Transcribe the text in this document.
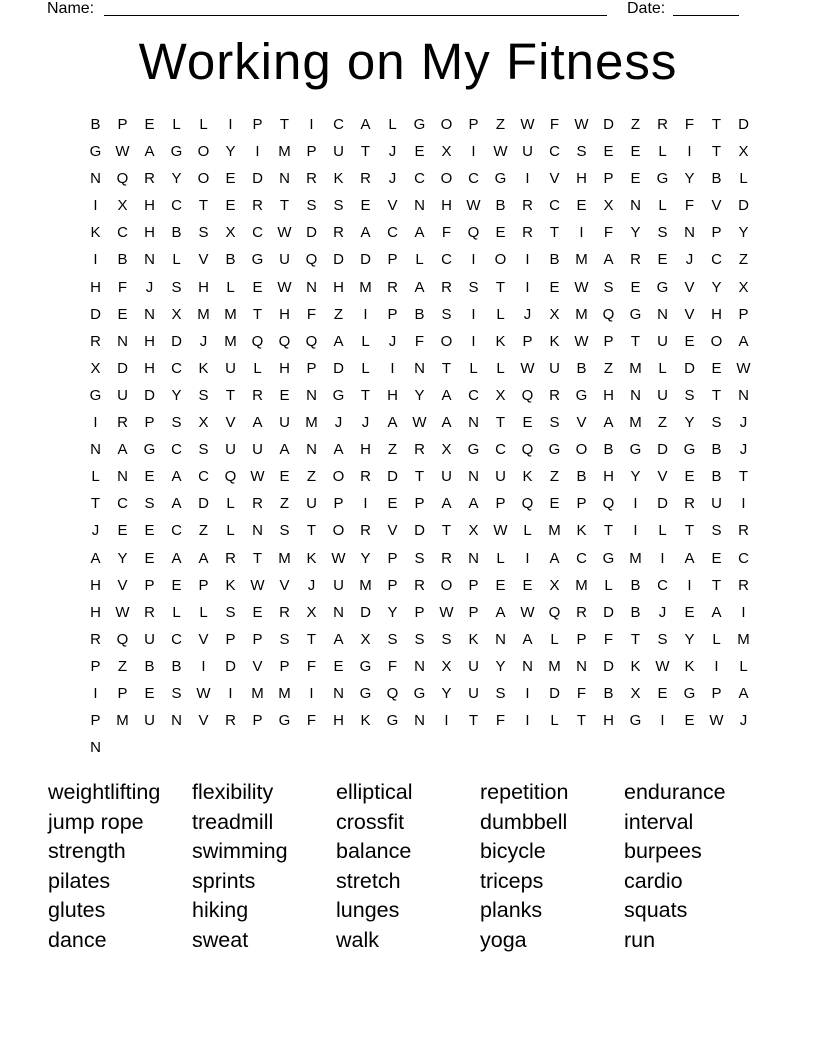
Name:	Date:
Working on My Fitness
B	P	E	L	L	I	P	T	I	C	A	L	G	O	P	Z	W	F	W D	Z	R	F	T	D
G W A	G	O	Y	I	M	P	U	T	J	E	X	I	W U	C	S	E	E	L	I	T	X
N	Q	R	Y	O	E	D	N	R	K	R	J	C	O	C	G	I	V	H	P	E	G	Y	B	L
I	X	H	C	T	E	R	T	S	S	E	V	N	H W B	R	C	E	X	N	L	F	V	D
K	C	H	B	S	X	C W D	R	A	C	A	F	Q	E	R	T	I	F	Y	S	N	P	Y
I	B	N	L	V	B	G	U	Q	D	D	P	L	C	I	O	I	B	M	A	R	E	J	C	Z
H	F	J	S	H	L	E W N	H	M	R	A	R	S	T	I	E W S	E	G	V	Y	X
D	E	N	X	M M	T	H	F	Z	I	P	B	S	I	L	J	X	M Q	G	N	V	H	P
R	N	H	D	J	M Q	Q	Q	A	L	J	F	O	I	K	P	K W P	T	U	E	O	A
X	D	H	C	K	U	L	H	P	D	L	I	N	T	L	L	W U	B	Z	M	L	D	E W
G	U	D	Y	S	T	R	E	N	G	T	H	Y	A	C	X	Q	R	G	H	N	U	S	T	N
I	R	P	S	X	V	A	U	M	J	J	A W A	N	T	E	S	V	A	M	Z	Y	S	J
N	A	G	C	S	U	U	A	N	A	H	Z	R	X	G	C	Q	G	O	B	G	D	G	B	J
L	N	E	A	C	Q W E	Z	O	R	D	T	U	N	U	K	Z	B	H	Y	V	E	B	T
T	C	S	A	D	L	R	Z	U	P	I	E	P	A	A	P	Q	E	P	Q	I	D	R	U	I
J	E	E	C	Z	L	N	S	T	O	R	V	D	T	X W	L	M	K	T	I	L	T	S	R
A	Y	E	A	A	R	T	M	K W Y	P	S	R	N	L	I	A	C	G M	I	A	E	C
H	V	P	E	P	K W V	J	U	M	P	R	O	P	E	E	X	M	L	B	C	I	T	R
H W R	L	L	S	E	R	X	N	D	Y	P W P	A W Q	R	D	B	J	E	A	I
R	Q	U	C	V	P	P	S	T	A	X	S	S	S	K	N	A	L	P	F	T	S	Y	L	M
P	Z	B	B	I	D	V	P	F	E	G	F	N	X	U	Y	N	M	N	D	K W K	I	L
I	P	E	S W	I	M M	I	N	G	Q	G	Y	U	S	I	D	F	B	X	E	G	P	A
P	M	U	N	V	R	P	G	F	H	K	G	N	I	T	F	I	L	T	H	G	I	E W	J
N
weightlifting	flexibility	elliptical	repetition	endurance
jump rope	treadmill	crossfit	dumbbell	interval
strength	swimming	balance	bicycle	burpees
pilates	sprints	stretch	triceps	cardio
glutes	hiking	lunges	planks	squats
dance	sweat	walk	yoga	run
